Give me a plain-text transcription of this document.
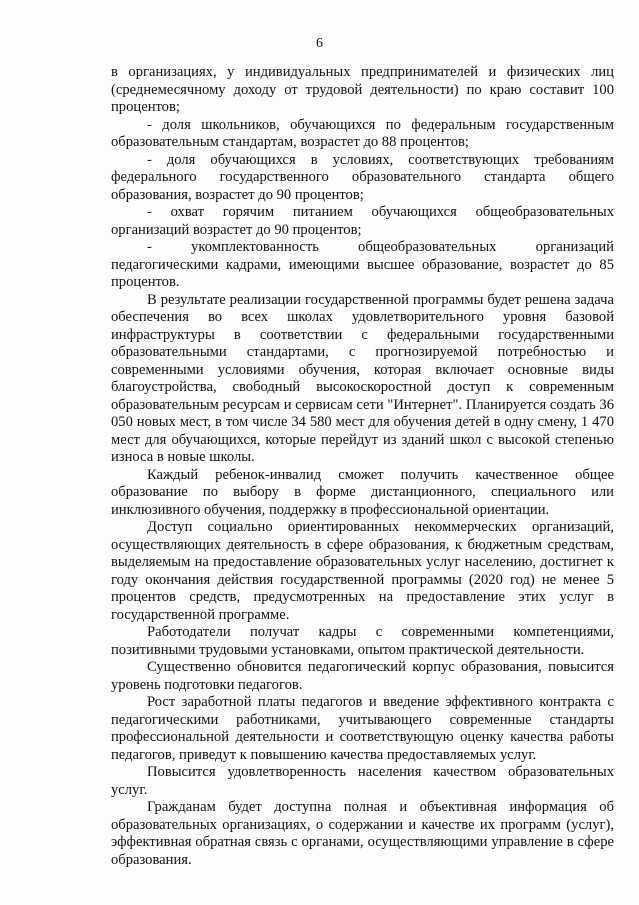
6

в организациях, у индивидуальных предпринимателей и физических лиц (среднемесячному доходу от трудовой деятельности) по краю составит 100 процентов;

- доля школьников, обучающихся по федеральным государственным образовательным стандартам, возрастет до 88 процентов;

- доля обучающихся в условиях, соответствующих требованиям федерального государственного образовательного стандарта общего образования, возрастет до 90 процентов;

- охват горячим питанием обучающихся общеобразовательных организаций возрастет до 90 процентов;

- укомплектованность общеобразовательных организаций педагогическими кадрами, имеющими высшее образование, возрастет до 85 процентов.

В результате реализации государственной программы будет решена задача обеспечения во всех школах удовлетворительного уровня базовой инфраструктуры в соответствии с федеральными государственными образовательными стандартами, с прогнозируемой потребностью и современными условиями обучения, которая включает основные виды благоустройства, свободный высокоскоростной доступ к современным образовательным ресурсам и сервисам сети "Интернет". Планируется создать 36 050 новых мест, в том числе 34 580 мест для обучения детей в одну смену, 1 470 мест для обучающихся, которые перейдут из зданий школ с высокой степенью износа в новые школы.

Каждый ребенок-инвалид сможет получить качественное общее образование по выбору в форме дистанционного, специального или инклюзивного обучения, поддержку в профессиональной ориентации.

Доступ социально ориентированных некоммерческих организаций, осуществляющих деятельность в сфере образования, к бюджетным средствам, выделяемым на предоставление образовательных услуг населению, достигнет к году окончания действия государственной программы (2020 год) не менее 5 процентов средств, предусмотренных на предоставление этих услуг в государственной программе.

Работодатели получат кадры с современными компетенциями, позитивными трудовыми установками, опытом практической деятельности.

Существенно обновится педагогический корпус образования, повысится уровень подготовки педагогов.

Рост заработной платы педагогов и введение эффективного контракта с педагогическими работниками, учитывающего современные стандарты профессиональной деятельности и соответствующую оценку качества работы педагогов, приведут к повышению качества предоставляемых услуг.

Повысится удовлетворенность населения качеством образовательных услуг.

Гражданам будет доступна полная и объективная информация об образовательных организациях, о содержании и качестве их программ (услуг), эффективная обратная связь с органами, осуществляющими управление в сфере образования.
